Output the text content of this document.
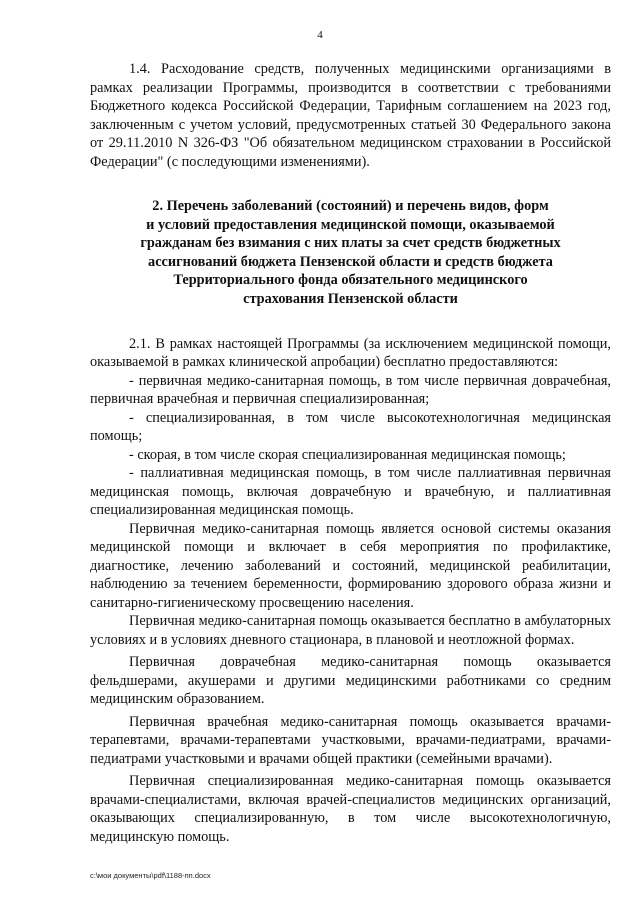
4

1.4. Расходование средств, полученных медицинскими организациями в рамках реализации Программы, производится в соответствии с требованиями Бюджетного кодекса Российской Федерации, Тарифным соглашением на 2023 год, заключенным с учетом условий, предусмотренных статьей 30 Федерального закона от 29.11.2010 N 326-ФЗ "Об обязательном медицинском страховании в Российской Федерации" (с последующими изменениями).

2. Перечень заболеваний (состояний) и перечень видов, форм
и условий предоставления медицинской помощи, оказываемой
гражданам без взимания с них платы за счет средств бюджетных
ассигнований бюджета Пензенской области и средств бюджета
Территориального фонда обязательного медицинского
страхования Пензенской области

2.1. В рамках настоящей Программы (за исключением медицинской помощи, оказываемой в рамках клинической апробации) бесплатно предоставляются:

- первичная медико-санитарная помощь, в том числе первичная доврачебная, первичная врачебная и первичная специализированная;

- специализированная, в том числе высокотехнологичная медицинская помощь;

- скорая, в том числе скорая специализированная медицинская помощь;

- паллиативная медицинская помощь, в том числе паллиативная первичная медицинская помощь, включая доврачебную и врачебную, и паллиативная специализированная медицинская помощь.

Первичная медико-санитарная помощь является основой системы оказания медицинской помощи и включает в себя мероприятия по профилактике, диагностике, лечению заболеваний и состояний, медицинской реабилитации, наблюдению за течением беременности, формированию здорового образа жизни и санитарно-гигиеническому просвещению населения.

Первичная медико-санитарная помощь оказывается бесплатно в амбулаторных условиях и в условиях дневного стационара, в плановой и неотложной формах.

Первичная доврачебная медико-санитарная помощь оказывается фельдшерами, акушерами и другими медицинскими работниками со средним медицинским образованием.

Первичная врачебная медико-санитарная помощь оказывается врачами-терапевтами, врачами-терапевтами участковыми, врачами-педиатрами, врачами-педиатрами участковыми и врачами общей практики (семейными врачами).

Первичная специализированная медико-санитарная помощь оказывается врачами-специалистами, включая врачей-специалистов медицинских организаций, оказывающих специализированную, в том числе высокотехнологичную, медицинскую помощь.

c:\мои документы\pdf\1188-пп.docx
